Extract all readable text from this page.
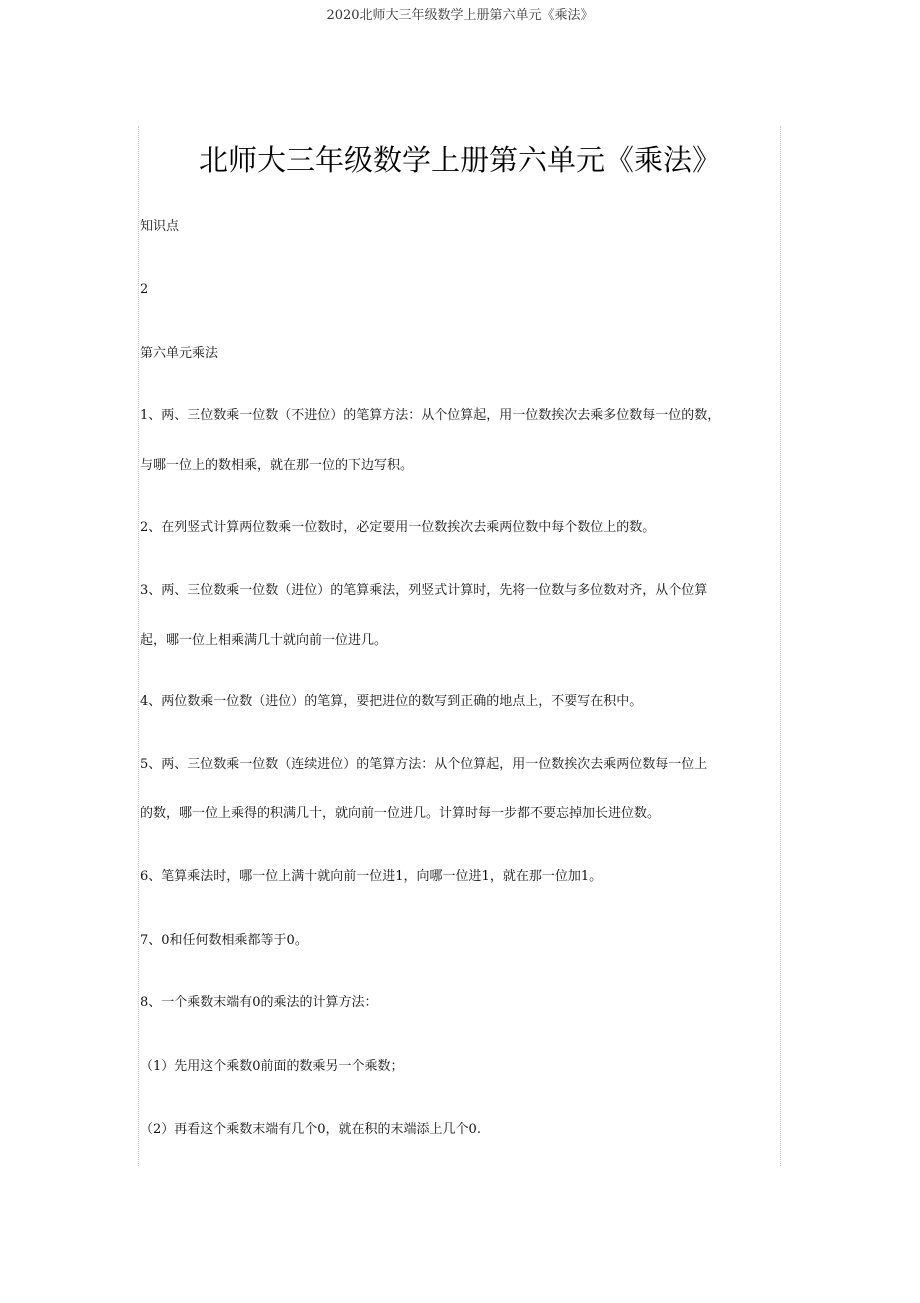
2020北师大三年级数学上册第六单元《乘法》
北师大三年级数学上册第六单元《乘法》
知识点
2
第六单元乘法
1、两、三位数乘一位数（不进位）的笔算方法：从个位算起，用一位数挨次去乘多位数每一位的数，
与哪一位上的数相乘，就在那一位的下边写积。
2、在列竖式计算两位数乘一位数时，必定要用一位数挨次去乘两位数中每个数位上的数。
3、两、三位数乘一位数（进位）的笔算乘法，列竖式计算时，先将一位数与多位数对齐，从个位算
起，哪一位上相乘满几十就向前一位进几。
4、两位数乘一位数（进位）的笔算，要把进位的数写到正确的地点上，不要写在积中。
5、两、三位数乘一位数（连续进位）的笔算方法：从个位算起，用一位数挨次去乘两位数每一位上
的数，哪一位上乘得的积满几十，就向前一位进几。计算时每一步都不要忘掉加长进位数。
6、笔算乘法时，哪一位上满十就向前一位进1，向哪一位进1，就在那一位加1。
7、0和任何数相乘都等于0。
8、一个乘数末端有0的乘法的计算方法：
（1）先用这个乘数0前面的数乘另一个乘数；
（2）再看这个乘数末端有几个0，就在积的末端添上几个0.
